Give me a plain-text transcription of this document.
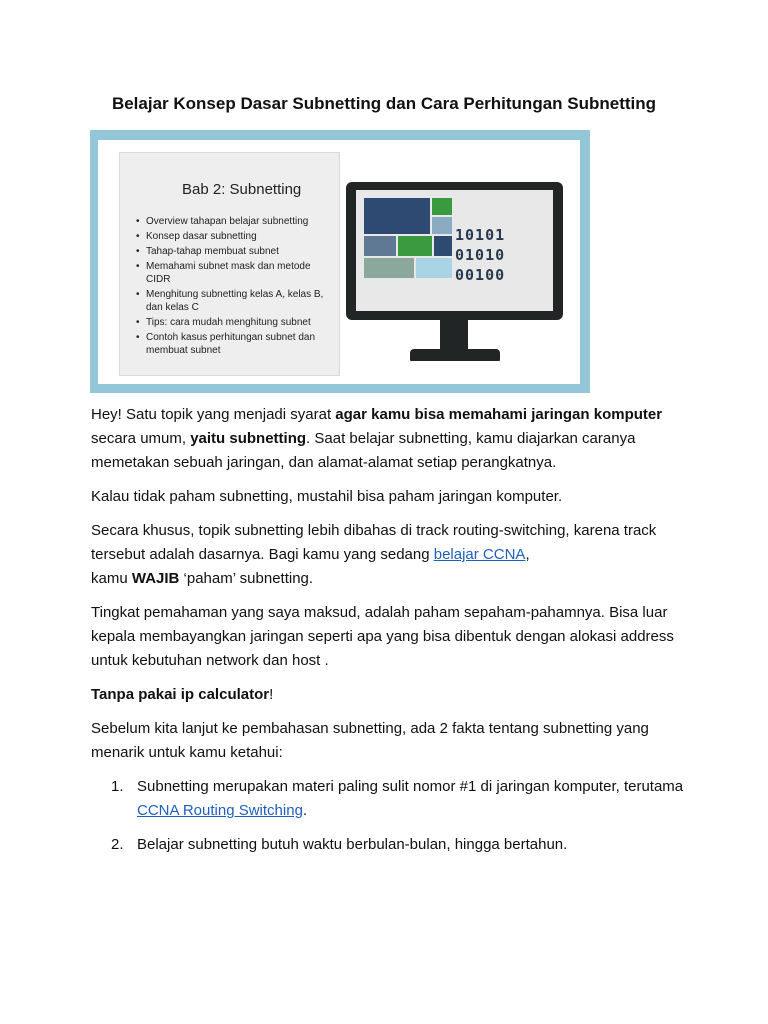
Belajar Konsep Dasar Subnetting dan Cara Perhitungan Subnetting
Bab 2: Subnetting
• Overview tahapan belajar subnetting
• Konsep dasar subnetting
• Tahap-tahap membuat subnet
• Memahami subnet mask dan metode CIDR
• Menghitung subnetting kelas A, kelas B, dan kelas C
• Tips: cara mudah menghitung subnet
• Contoh kasus perhitungan subnet dan membuat subnet
10101
01010
00100

Hey! Satu topik yang menjadi syarat agar kamu bisa memahami jaringan komputer secara umum, yaitu subnetting. Saat belajar subnetting, kamu diajarkan caranya memetakan sebuah jaringan, dan alamat-alamat setiap perangkatnya.

Kalau tidak paham subnetting, mustahil bisa paham jaringan komputer.

Secara khusus, topik subnetting lebih dibahas di track routing-switching, karena track tersebut adalah dasarnya. Bagi kamu yang sedang belajar CCNA,
kamu WAJIB ‘paham’ subnetting.

Tingkat pemahaman yang saya maksud, adalah paham sepaham-pahamnya. Bisa luar kepala membayangkan jaringan seperti apa yang bisa dibentuk dengan alokasi address untuk kebutuhan network dan host .

Tanpa pakai ip calculator!

Sebelum kita lanjut ke pembahasan subnetting, ada 2 fakta tentang subnetting yang menarik untuk kamu ketahui:

1. Subnetting merupakan materi paling sulit nomor #1 di jaringan komputer, terutama CCNA Routing Switching.
2. Belajar subnetting butuh waktu berbulan-bulan, hingga bertahun.
